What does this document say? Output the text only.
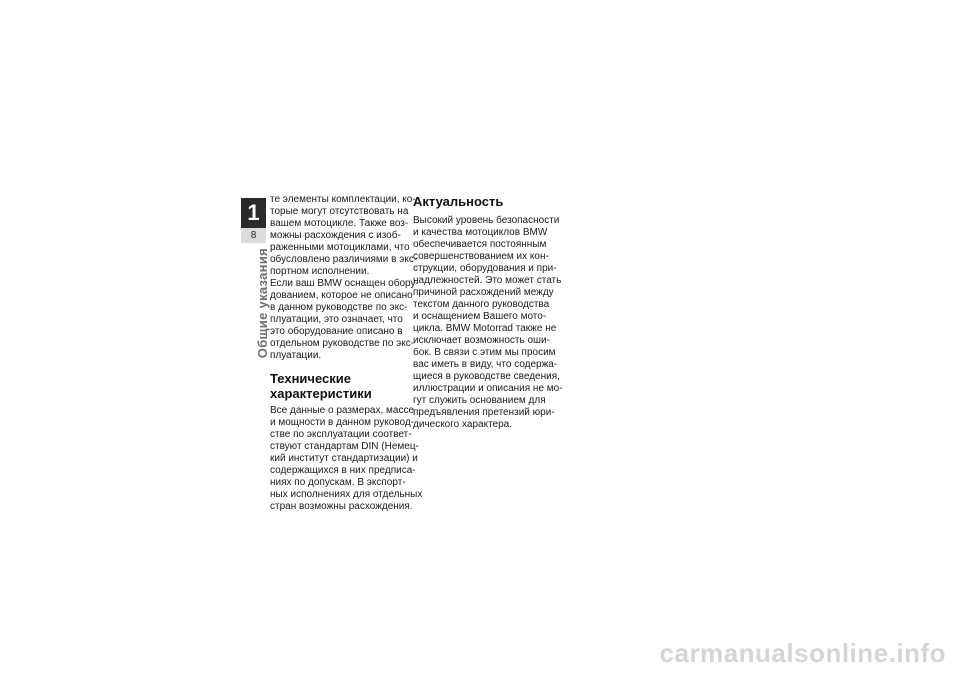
1
8
Общие указания

те элементы комплектации, ко-
торые могут отсутствовать на
вашем мотоцикле. Также воз-
можны расхождения с изоб-
раженными мотоциклами, что
обусловлено различиями в экс-
портном исполнении.

Если ваш BMW оснащен обору-
дованием, которое не описано
в данном руководстве по экс-
плуатации, это означает, что
это оборудование описано в
отдельном руководстве по экс-
плуатации.

Технические
характеристики

Все данные о размерах, массе
и мощности в данном руковод-
стве по эксплуатации соответ-
ствуют стандартам DIN (Немец-
кий институт стандартизации) и
содержащихся в них предписа-
ниях по допускам. В экспорт-
ных исполнениях для отдельных
стран возможны расхождения.

Актуальность

Высокий уровень безопасности
и качества мотоциклов BMW
обеспечивается постоянным
совершенствованием их кон-
струкции, оборудования и при-
надлежностей. Это может стать
причиной расхождений между
текстом данного руководства
и оснащением Вашего мото-
цикла. BMW Motorrad также не
исключает возможность оши-
бок. В связи с этим мы просим
вас иметь в виду, что содержа-
щиеся в руководстве сведения,
иллюстрации и описания не мо-
гут служить основанием для
предъявления претензий юри-
дического характера.

carmanualsonline.info
